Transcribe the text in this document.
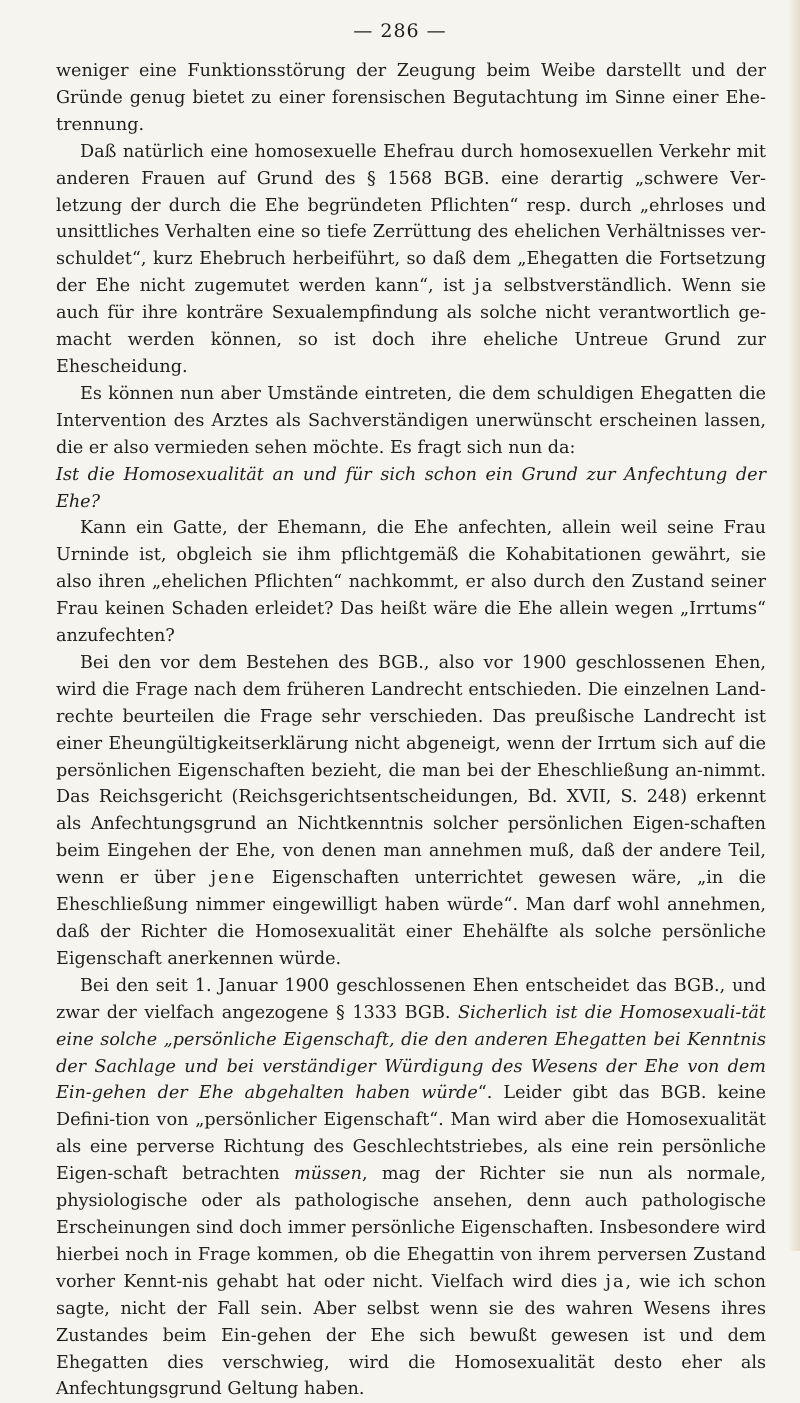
— 286 —

weniger eine Funktionsstörung der Zeugung beim Weibe darstellt und der Gründe genug bietet zu einer forensischen Begutachtung im Sinne einer Ehe-trennung.

Daß natürlich eine homosexuelle Ehefrau durch homosexuellen Verkehr mit anderen Frauen auf Grund des § 1568 BGB. eine derartig „schwere Ver-letzung der durch die Ehe begründeten Pflichten“ resp. durch „ehrloses und unsittliches Verhalten eine so tiefe Zerrüttung des ehelichen Verhältnisses ver-schuldet“, kurz Ehebruch herbeiführt, so daß dem „Ehegatten die Fortsetzung der Ehe nicht zugemutet werden kann“, ist ja selbstverständlich. Wenn sie auch für ihre konträre Sexualempfindung als solche nicht verantwortlich ge-macht werden können, so ist doch ihre eheliche Untreue Grund zur Ehescheidung.

Es können nun aber Umstände eintreten, die dem schuldigen Ehegatten die Intervention des Arztes als Sachverständigen unerwünscht erscheinen lassen, die er also vermieden sehen möchte. Es fragt sich nun da:

Ist die Homosexualität an und für sich schon ein Grund zur Anfechtung der Ehe?

Kann ein Gatte, der Ehemann, die Ehe anfechten, allein weil seine Frau Urninde ist, obgleich sie ihm pflichtgemäß die Kohabitationen gewährt, sie also ihren „ehelichen Pflichten“ nachkommt, er also durch den Zustand seiner Frau keinen Schaden erleidet? Das heißt wäre die Ehe allein wegen „Irrtums“ anzufechten?

Bei den vor dem Bestehen des BGB., also vor 1900 geschlossenen Ehen, wird die Frage nach dem früheren Landrecht entschieden. Die einzelnen Land-rechte beurteilen die Frage sehr verschieden. Das preußische Landrecht ist einer Eheungültigkeitserklärung nicht abgeneigt, wenn der Irrtum sich auf die persönlichen Eigenschaften bezieht, die man bei der Eheschließung an-nimmt. Das Reichsgericht (Reichsgerichtsentscheidungen, Bd. XVII, S. 248) erkennt als Anfechtungsgrund an Nichtkenntnis solcher persönlichen Eigen-schaften beim Eingehen der Ehe, von denen man annehmen muß, daß der andere Teil, wenn er über jene Eigenschaften unterrichtet gewesen wäre, „in die Eheschließung nimmer eingewilligt haben würde“. Man darf wohl annehmen, daß der Richter die Homosexualität einer Ehehälfte als solche persönliche Eigenschaft anerkennen würde.

Bei den seit 1. Januar 1900 geschlossenen Ehen entscheidet das BGB., und zwar der vielfach angezogene § 1333 BGB. Sicherlich ist die Homosexuali-tät eine solche „persönliche Eigenschaft, die den anderen Ehegatten bei Kenntnis der Sachlage und bei verständiger Würdigung des Wesens der Ehe von dem Ein-gehen der Ehe abgehalten haben würde“. Leider gibt das BGB. keine Defini-tion von „persönlicher Eigenschaft“. Man wird aber die Homosexualität als eine perverse Richtung des Geschlechtstriebes, als eine rein persönliche Eigen-schaft betrachten müssen, mag der Richter sie nun als normale, physiologische oder als pathologische ansehen, denn auch pathologische Erscheinungen sind doch immer persönliche Eigenschaften. Insbesondere wird hierbei noch in Frage kommen, ob die Ehegattin von ihrem perversen Zustand vorher Kennt-nis gehabt hat oder nicht. Vielfach wird dies ja, wie ich schon sagte, nicht der Fall sein. Aber selbst wenn sie des wahren Wesens ihres Zustandes beim Ein-gehen der Ehe sich bewußt gewesen ist und dem Ehegatten dies verschwieg, wird die Homosexualität desto eher als Anfechtungsgrund Geltung haben.
